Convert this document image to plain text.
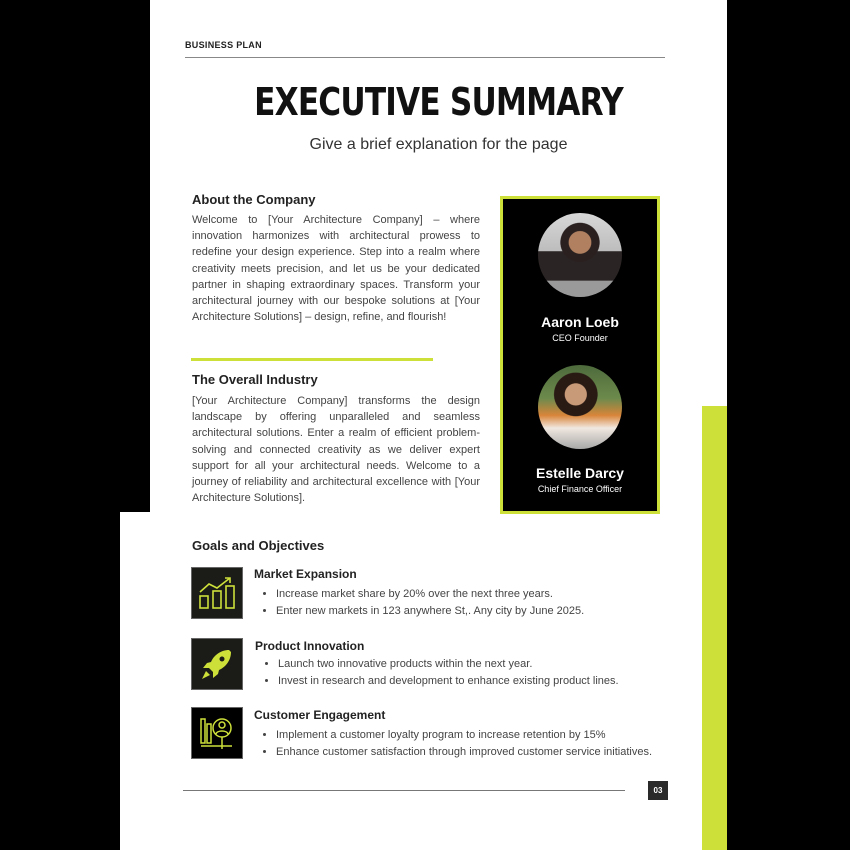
BUSINESS PLAN
EXECUTIVE SUMMARY
Give a brief explanation for the page
About the Company
Welcome to [Your Architecture Company] – where innovation harmonizes with architectural prowess to redefine your design experience. Step into a realm where creativity meets precision, and let us be your dedicated partner in shaping extraordinary spaces. Transform your architectural journey with our bespoke solutions at [Your Architecture Solutions] – design, refine, and flourish!
The Overall Industry
[Your Architecture Company] transforms the design landscape by offering unparalleled and seamless architectural solutions. Enter a realm of efficient problem-solving and connected creativity as we deliver expert support for all your architectural needs. Welcome to a journey of reliability and architectural excellence with [Your Architecture Solutions].
Aaron Loeb
CEO Founder
Estelle Darcy
Chief Finance Officer
Goals and Objectives
Market Expansion
• Increase market share by 20% over the next three years.
• Enter new markets in 123 anywhere St,. Any city by June 2025.
Product Innovation
• Launch two innovative products within the next year.
• Invest in research and development to enhance existing product lines.
Customer Engagement
• Implement a customer loyalty program to increase retention by 15%
• Enhance customer satisfaction through improved customer service initiatives.
03
